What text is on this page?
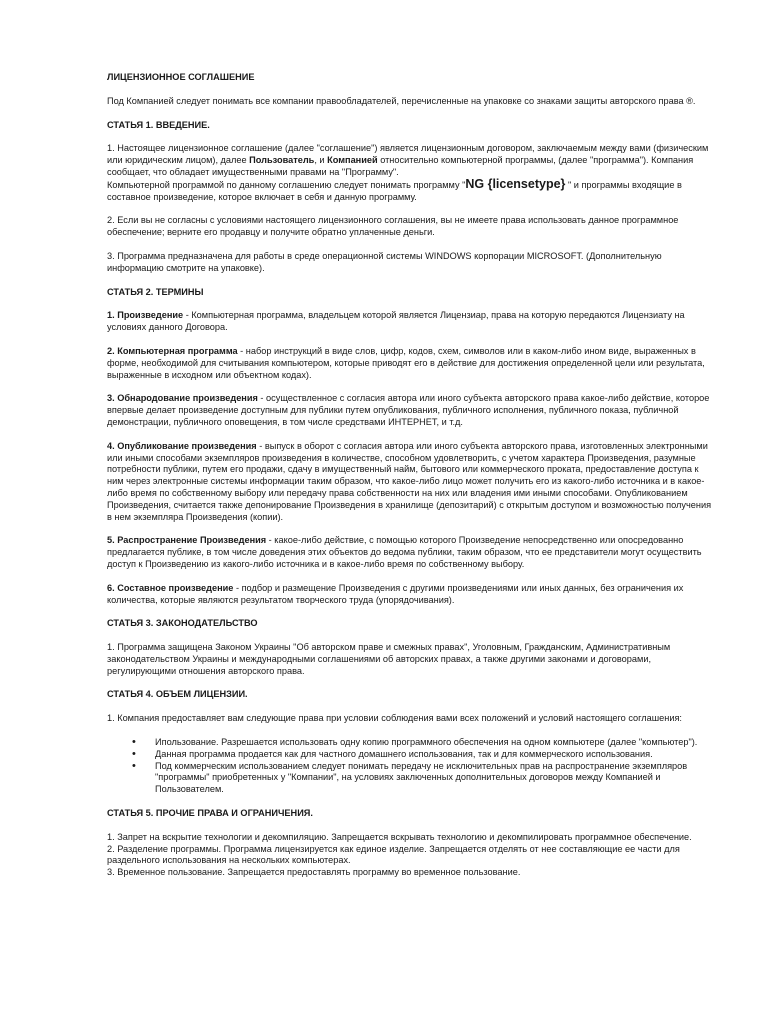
ЛИЦЕНЗИОННОЕ СОГЛАШЕНИЕ

Под Компанией следует понимать все компании правообладателей, перечисленные на упаковке со знаками защиты авторского права ®.

СТАТЬЯ 1. ВВЕДЕНИЕ.

1. Настоящее лицензионное соглашение (далее "соглашение") является лицензионным договором, заключаемым между вами (физическим или юридическим лицом), далее Пользователь, и Компанией относительно компьютерной программы, (далее "программа"). Компания сообщает, что обладает имущественными правами на "Программу".
Компьютерной программой по данному соглашению следует понимать программу "NG {licensetype} " и программы входящие в составное произведение, которое включает в себя и данную программу.

2. Если вы не согласны с условиями настоящего лицензионного соглашения, вы не имеете права использовать данное программное обеспечение; верните его продавцу и получите обратно уплаченные деньги.

3. Программа предназначена для работы в среде операционной системы WINDOWS корпорации MICROSOFT. (Дополнительную информацию смотрите на упаковке).

СТАТЬЯ 2. ТЕРМИНЫ

1. Произведение - Компьютерная программа, владельцем которой является Лицензиар, права на которую передаются Лицензиату на условиях данного Договора.

2. Компьютерная программа - набор инструкций в виде слов, цифр, кодов, схем, символов или в каком-либо ином виде, выраженных в форме, необходимой для считывания компьютером, которые приводят его в действие для достижения определенной цели или результата, выраженные в исходном или объектном кодах).

3. Обнародование произведения - осуществленное с согласия автора или иного субъекта авторского права какое-либо действие, которое впервые делает произведение доступным для публики путем опубликования, публичного исполнения, публичного показа, публичной демонстрации, публичного оповещения, в том числе средствами ИНТЕРНЕТ, и т.д.

4. Опубликование произведения - выпуск в оборот с согласия автора или иного субъекта авторского права, изготовленных электронными или иными способами экземпляров произведения в количестве, способном удовлетворить, с учетом характера Произведения, разумные потребности публики, путем его продажи, сдачу в имущественный найм, бытового или коммерческого проката, предоставление доступа к ним через электронные системы информации таким образом, что какое-либо лицо может получить его из какого-либо источника и в какое-либо время по собственному выбору или передачу права собственности на них или владения ими иными способами. Опубликованием Произведения, считается также депонирование Произведения в хранилище (депозитарий) с открытым доступом и возможностью получения в нем экземпляра Произведения (копии).

5. Распространение Произведения - какое-либо действие, с помощью которого Произведение непосредственно или опосредованно предлагается публике, в том числе доведения этих объектов до ведома публики, таким образом, что ее представители могут осуществить доступ к Произведению из какого-либо источника и в какое-либо время по собственному выбору.

6. Составное произведение - подбор и размещение Произведения с другими произведениями или иных данных, без ограничения их количества, которые являются результатом творческого труда (упорядочивания).

СТАТЬЯ 3. ЗАКОНОДАТЕЛЬСТВО

1. Программа защищена Законом Украины "Об авторском праве и смежных правах", Уголовным, Гражданским, Административным законодательством Украины и международными соглашениями об авторских правах, а также другими законами и договорами, регулирующими отношения авторского права.

СТАТЬЯ 4. ОБЪЕМ ЛИЦЕНЗИИ.

1. Компания предоставляет вам следующие права при условии соблюдения вами всех положений и условий настоящего соглашения:

• Ипользование. Разрешается использовать одну копию программного обеспечения на одном компьютере (далее "компьютер").
• Данная программа продается как для частного домашнего использования, так и для коммерческого использования.
• Под коммерческим использованием следует понимать передачу не исключительных прав на распространение экземпляров "программы" приобретенных у "Компании", на условиях заключенных дополнительных договоров между Компанией и Пользователем.
СТАТЬЯ 5. ПРОЧИЕ ПРАВА И ОГРАНИЧЕНИЯ.

1. Запрет на вскрытие технологии и декомпиляцию. Запрещается вскрывать технологию и декомпилировать программное обеспечение.
2. Разделение программы. Программа лицензируется как единое изделие. Запрещается отделять от нее составляющие ее части для раздельного использования на нескольких компьютерах.
3. Временное пользование. Запрещается предоставлять программу во временное пользование.
